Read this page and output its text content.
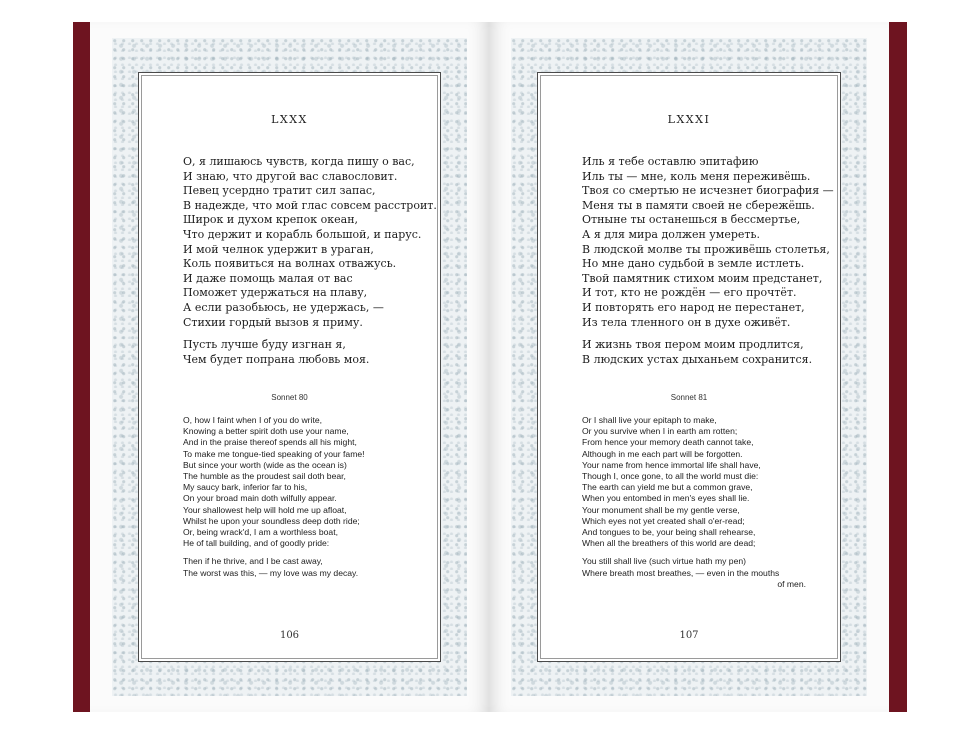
LXXX
О, я лишаюсь чувств, когда пишу о вас,
И знаю, что другой вас славословит.
Певец усердно тратит сил запас,
В надежде, что мой глас совсем расстроит.
Широк и духом крепок океан,
Что держит и корабль большой, и парус.
И мой челнок удержит в ураган,
Коль появиться на волнах отважусь.
И даже помощь малая от вас
Поможет удержаться на плаву,
А если разобьюсь, не удержась, —
Стихии гордый вызов я приму.
Пусть лучше буду изгнан я,
Чем будет попрана любовь моя.
Sonnet 80
O, how I faint when I of you do write,
Knowing a better spirit doth use your name,
And in the praise thereof spends all his might,
To make me tongue-tied speaking of your fame!
But since your worth (wide as the ocean is)
The humble as the proudest sail doth bear,
My saucy bark, inferior far to his,
On your broad main doth wilfully appear.
Your shallowest help will hold me up afloat,
Whilst he upon your soundless deep doth ride;
Or, being wrack'd, I am a worthless boat,
He of tall building, and of goodly pride:
Then if he thrive, and I be cast away,
The worst was this, — my love was my decay.
106
LXXXI
Иль я тебе оставлю эпитафию
Иль ты — мне, коль меня переживёшь.
Твоя со смертью не исчезнет биография —
Меня ты в памяти своей не сбережёшь.
Отныне ты останешься в бессмертье,
А я для мира должен умереть.
В людской молве ты проживёшь столетья,
Но мне дано судьбой в земле истлеть.
Твой памятник стихом моим предстанет,
И тот, кто не рождён — его прочтёт.
И повторять его народ не перестанет,
Из тела тленного он в духе оживёт.
И жизнь твоя пером моим продлится,
В людских устах дыханьем сохранится.
Sonnet 81
Or I shall live your epitaph to make,
Or you survive when I in earth am rotten;
From hence your memory death cannot take,
Although in me each part will be forgotten.
Your name from hence immortal life shall have,
Though I, once gone, to all the world must die:
The earth can yield me but a common grave,
When you entombed in men's eyes shall lie.
Your monument shall be my gentle verse,
Which eyes not yet created shall o'er-read;
And tongues to be, your being shall rehearse,
When all the breathers of this world are dead;
You still shall live (such virtue hath my pen)
Where breath most breathes, — even in the mouths
of men.
107
